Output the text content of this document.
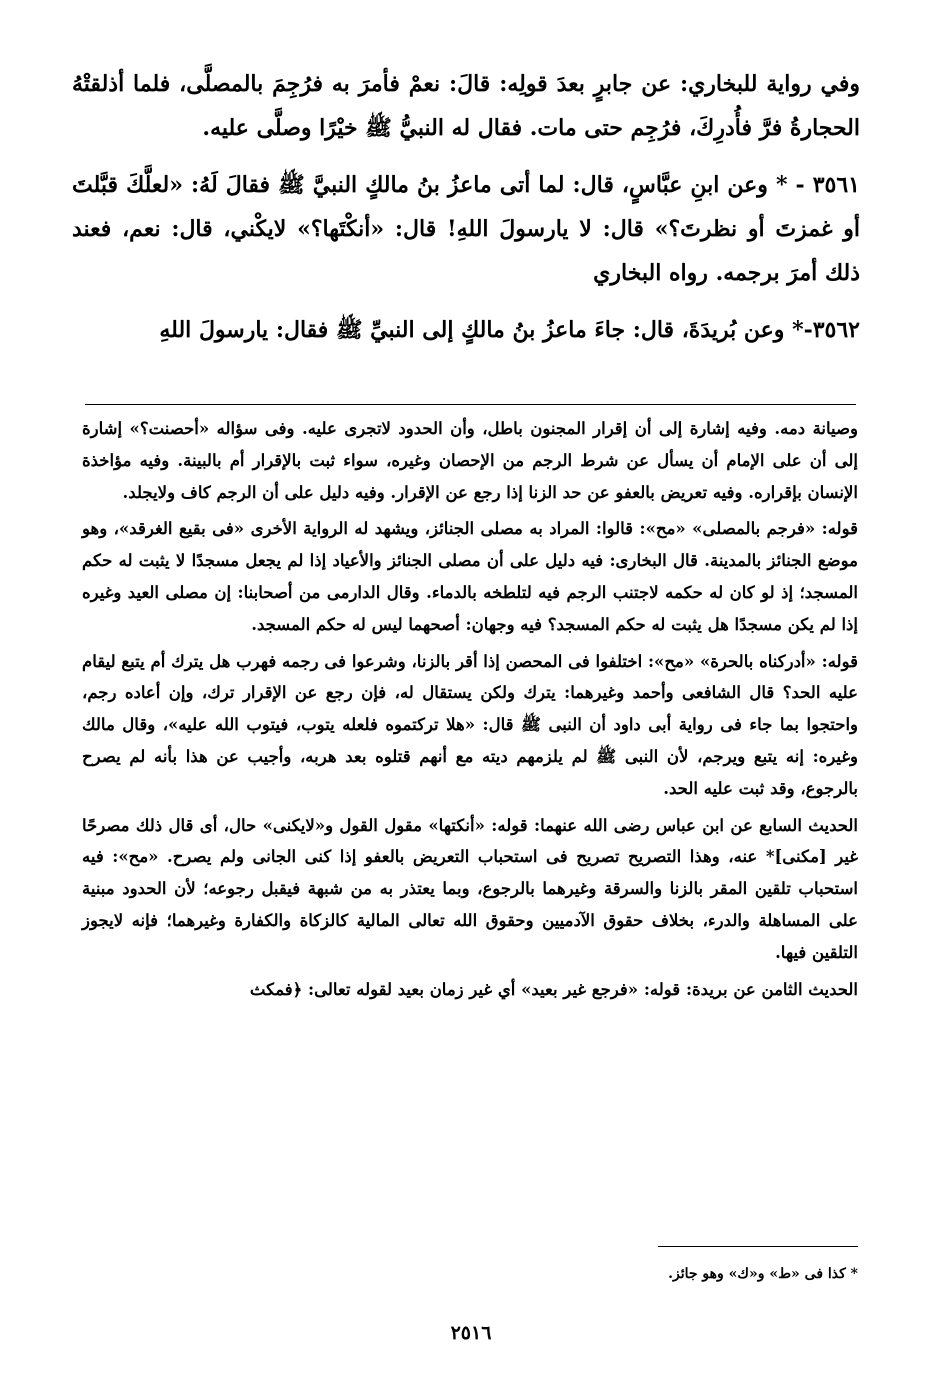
وفي رواية للبخاري: عن جابرٍ بعدَ قولِه: قالَ: نعمْ فأمرَ به فرُجِمَ بالمصلَّى، فلما أذلقتْهُ الحجارةُ فرَّ فأُدرِكَ، فرُجِم حتى مات. فقال له النبيُّ ﷺ خيْرًا وصلَّى عليه.

٣٥٦١ - * وعن ابنِ عبَّاسٍ، قال: لما أتى ماعزُ بنُ مالكٍ النبيَّ ﷺ فقالَ لَهُ: «لعلَّكَ قبَّلتَ أو غمزتَ أو نظرتَ؟» قال: لا يارسولَ اللهِ! قال: «أنكْتَها؟» لايكْني، قال: نعم، فعند ذلك أمرَ برجمه. رواه البخاري

٣٥٦٢-* وعن بُريدَةَ، قال: جاءَ ماعزُ بنُ مالكٍ إلى النبيِّ ﷺ فقال: يارسولَ اللهِ

وصيانة دمه. وفيه إشارة إلى أن إقرار المجنون باطل، وأن الحدود لاتجرى عليه. وفى سؤاله «أحصنت؟» إشارة إلى أن على الإمام أن يسأل عن شرط الرجم من الإحصان وغيره، سواء ثبت بالإقرار أم بالبينة. وفيه مؤاخذة الإنسان بإقراره. وفيه تعريض بالعفو عن حد الزنا إذا رجع عن الإقرار. وفيه دليل على أن الرجم كاف ولايجلد.

قوله: «فرجم بالمصلى» «مح»: قالوا: المراد به مصلى الجنائز، ويشهد له الرواية الأخرى «فى بقيع الغرقد»، وهو موضع الجنائز بالمدينة. قال البخارى: فيه دليل على أن مصلى الجنائز والأعياد إذا لم يجعل مسجدًا لا يثبت له حكم المسجد؛ إذ لو كان له حكمه لاجتنب الرجم فيه لتلطخه بالدماء. وقال الدارمى من أصحابنا: إن مصلى العيد وغيره إذا لم يكن مسجدًا هل يثبت له حكم المسجد؟ فيه وجهان: أصحهما ليس له حكم المسجد.

قوله: «أدركناه بالحرة» «مح»: اختلفوا فى المحصن إذا أقر بالزنا، وشرعوا فى رجمه فهرب هل يترك أم يتبع ليقام عليه الحد؟ قال الشافعى وأحمد وغيرهما: يترك ولكن يستقال له، فإن رجع عن الإقرار ترك، وإن أعاده رجم، واحتجوا بما جاء فى رواية أبى داود أن النبى ﷺ قال: «هلا تركتموه فلعله يتوب، فيتوب الله عليه»، وقال مالك وغيره: إنه يتبع ويرجم، لأن النبى ﷺ لم يلزمهم ديته مع أنهم قتلوه بعد هربه، وأجيب عن هذا بأنه لم يصرح بالرجوع، وقد ثبت عليه الحد.

الحديث السابع عن ابن عباس رضى الله عنهما: قوله: «أنكتها» مقول القول و«لايكنى» حال، أى قال ذلك مصرحًا غير [مكنى]* عنه، وهذا التصريح تصريح فى استحباب التعريض بالعفو إذا كنى الجانى ولم يصرح. «مح»: فيه استحباب تلقين المقر بالزنا والسرقة وغيرهما بالرجوع، وبما يعتذر به من شبهة فيقبل رجوعه؛ لأن الحدود مبنية على المساهلة والدرء، بخلاف حقوق الآدميين وحقوق الله تعالى المالية كالزكاة والكفارة وغيرهما؛ فإنه لايجوز التلقين فيها.

الحديث الثامن عن بريدة: قوله: «فرجع غير بعيد» أي غير زمان بعيد لقوله تعالى: ﴿فمكث

* كذا فى «ط» و«ك» وهو جائز.
٢٥١٦
